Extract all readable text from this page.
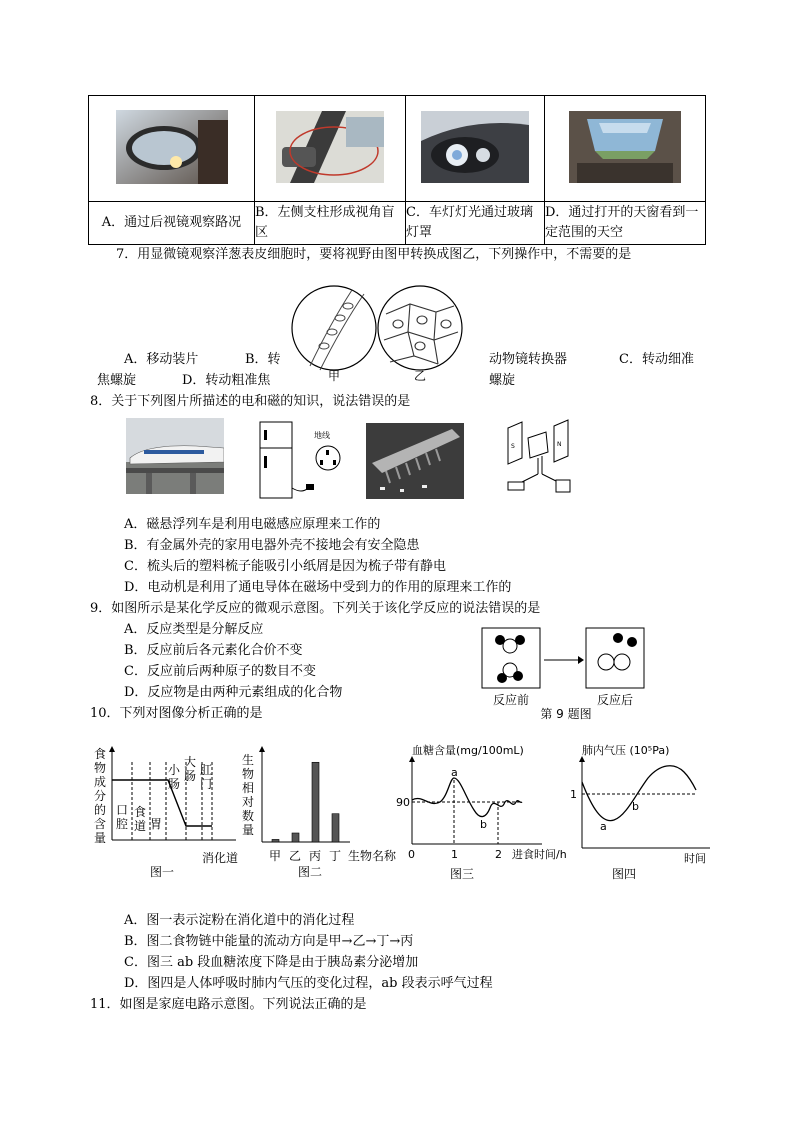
A．通过后视镜观察路况	B．左侧支柱形成视角盲区	C．车灯灯光通过玻璃灯罩	D．通过打开的天窗看到一定范围的天空
7．用显微镜观察洋葱表皮细胞时，要将视野由图甲转换成图乙，下列操作中，不需要的是
甲	乙
A．移动装片	B．转	动物镜转换器	C．转动细准
焦螺旋	D．转动粗准焦	螺旋
8．关于下列图片所描述的电和磁的知识，说法错误的是
地线
S	N
A．磁悬浮列车是利用电磁感应原理来工作的
B．有金属外壳的家用电器外壳不接地会有安全隐患
C．梳头后的塑料梳子能吸引小纸屑是因为梳子带有静电
D．电动机是利用了通电导体在磁场中受到力的作用的原理来工作的
9．如图所示是某化学反应的微观示意图。下列关于该化学反应的说法错误的是
A．反应类型是分解反应
B．反应前后各元素化合价不变
C．反应前后两种原子的数目不变
D．反应物是由两种元素组成的化合物	反应前	反应后
第 9 题图
10．下列对图像分析正确的是
食
物
成
分
的
含
量
口
腔
食
道 胃
小
肠
大
肠 肛
门
消化道
图一
生
物
相
对
数
量
甲 乙 丙 丁 生物名称
图二
血糖含量(mg/100mL)
90
a
b
0	1	2 进食时间/h
图三
肺内气压 (10⁵Pa)
1
a
b
时间
图四
A．图一表示淀粉在消化道中的消化过程
B．图二食物链中能量的流动方向是甲→乙→丁→丙
C．图三 ab 段血糖浓度下降是由于胰岛素分泌增加
D．图四是人体呼吸时肺内气压的变化过程，ab 段表示呼气过程
11．如图是家庭电路示意图。下列说法正确的是
